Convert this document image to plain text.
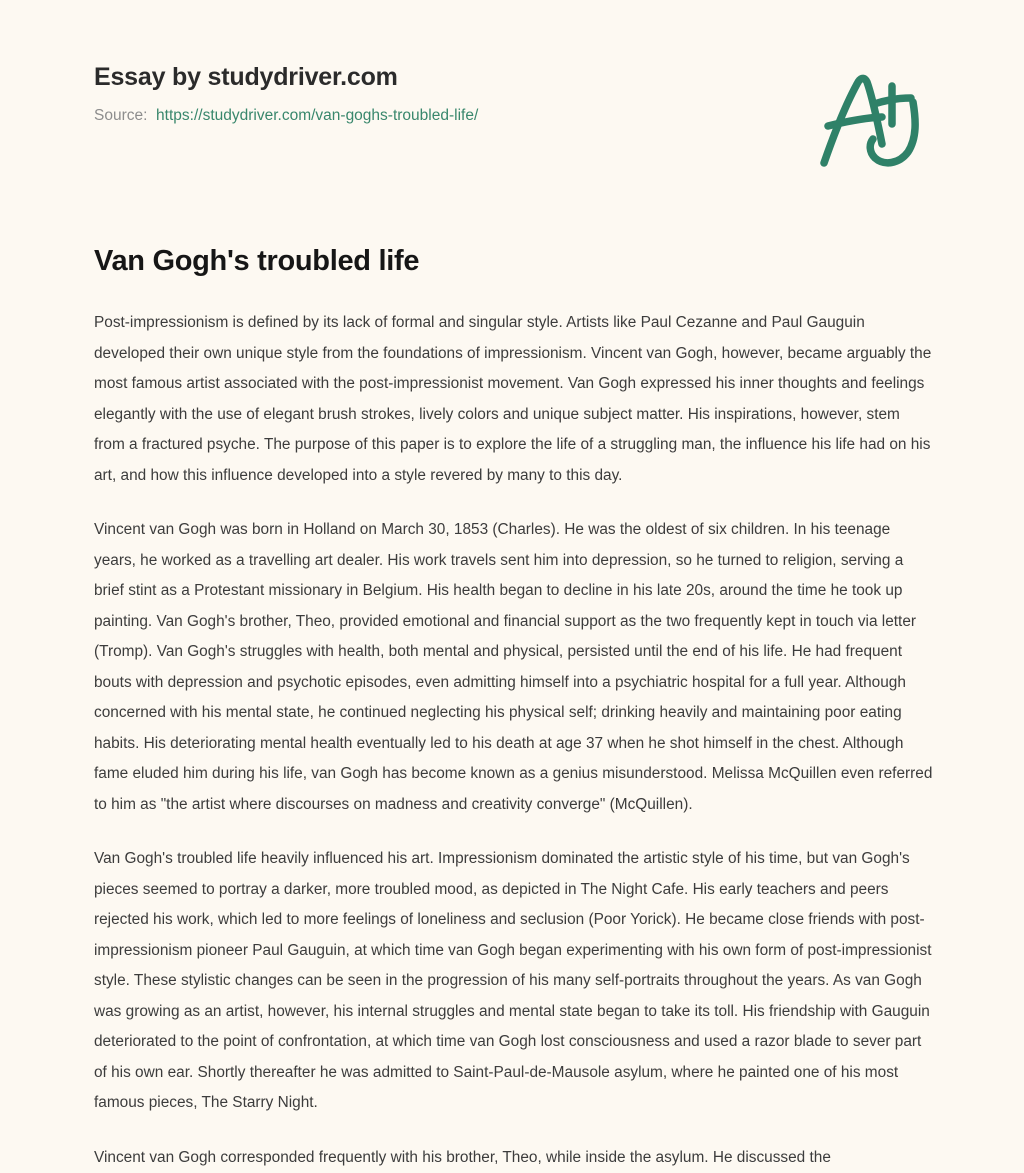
Essay by studydriver.com
Source: https://studydriver.com/van-goghs-troubled-life/
Van Gogh's troubled life

Post-impressionism is defined by its lack of formal and singular style. Artists like Paul Cezanne and Paul Gauguin developed their own unique style from the foundations of impressionism. Vincent van Gogh, however, became arguably the most famous artist associated with the post-impressionist movement. Van Gogh expressed his inner thoughts and feelings elegantly with the use of elegant brush strokes, lively colors and unique subject matter. His inspirations, however, stem from a fractured psyche. The purpose of this paper is to explore the life of a struggling man, the influence his life had on his art, and how this influence developed into a style revered by many to this day.

Vincent van Gogh was born in Holland on March 30, 1853 (Charles). He was the oldest of six children. In his teenage years, he worked as a travelling art dealer. His work travels sent him into depression, so he turned to religion, serving a brief stint as a Protestant missionary in Belgium. His health began to decline in his late 20s, around the time he took up painting. Van Gogh's brother, Theo, provided emotional and financial support as the two frequently kept in touch via letter (Tromp). Van Gogh's struggles with health, both mental and physical, persisted until the end of his life. He had frequent bouts with depression and psychotic episodes, even admitting himself into a psychiatric hospital for a full year. Although concerned with his mental state, he continued neglecting his physical self; drinking heavily and maintaining poor eating habits. His deteriorating mental health eventually led to his death at age 37 when he shot himself in the chest. Although fame eluded him during his life, van Gogh has become known as a genius misunderstood. Melissa McQuillen even referred to him as "the artist where discourses on madness and creativity converge" (McQuillen).

Van Gogh's troubled life heavily influenced his art. Impressionism dominated the artistic style of his time, but van Gogh's pieces seemed to portray a darker, more troubled mood, as depicted in The Night Cafe. His early teachers and peers rejected his work, which led to more feelings of loneliness and seclusion (Poor Yorick). He became close friends with post-impressionism pioneer Paul Gauguin, at which time van Gogh began experimenting with his own form of post-impressionist style. These stylistic changes can be seen in the progression of his many self-portraits throughout the years. As van Gogh was growing as an artist, however, his internal struggles and mental state began to take its toll. His friendship with Gauguin deteriorated to the point of confrontation, at which time van Gogh lost consciousness and used a razor blade to sever part of his own ear. Shortly thereafter he was admitted to Saint-Paul-de-Mausole asylum, where he painted one of his most famous pieces, The Starry Night.

Vincent van Gogh corresponded frequently with his brother, Theo, while inside the asylum. He discussed the
